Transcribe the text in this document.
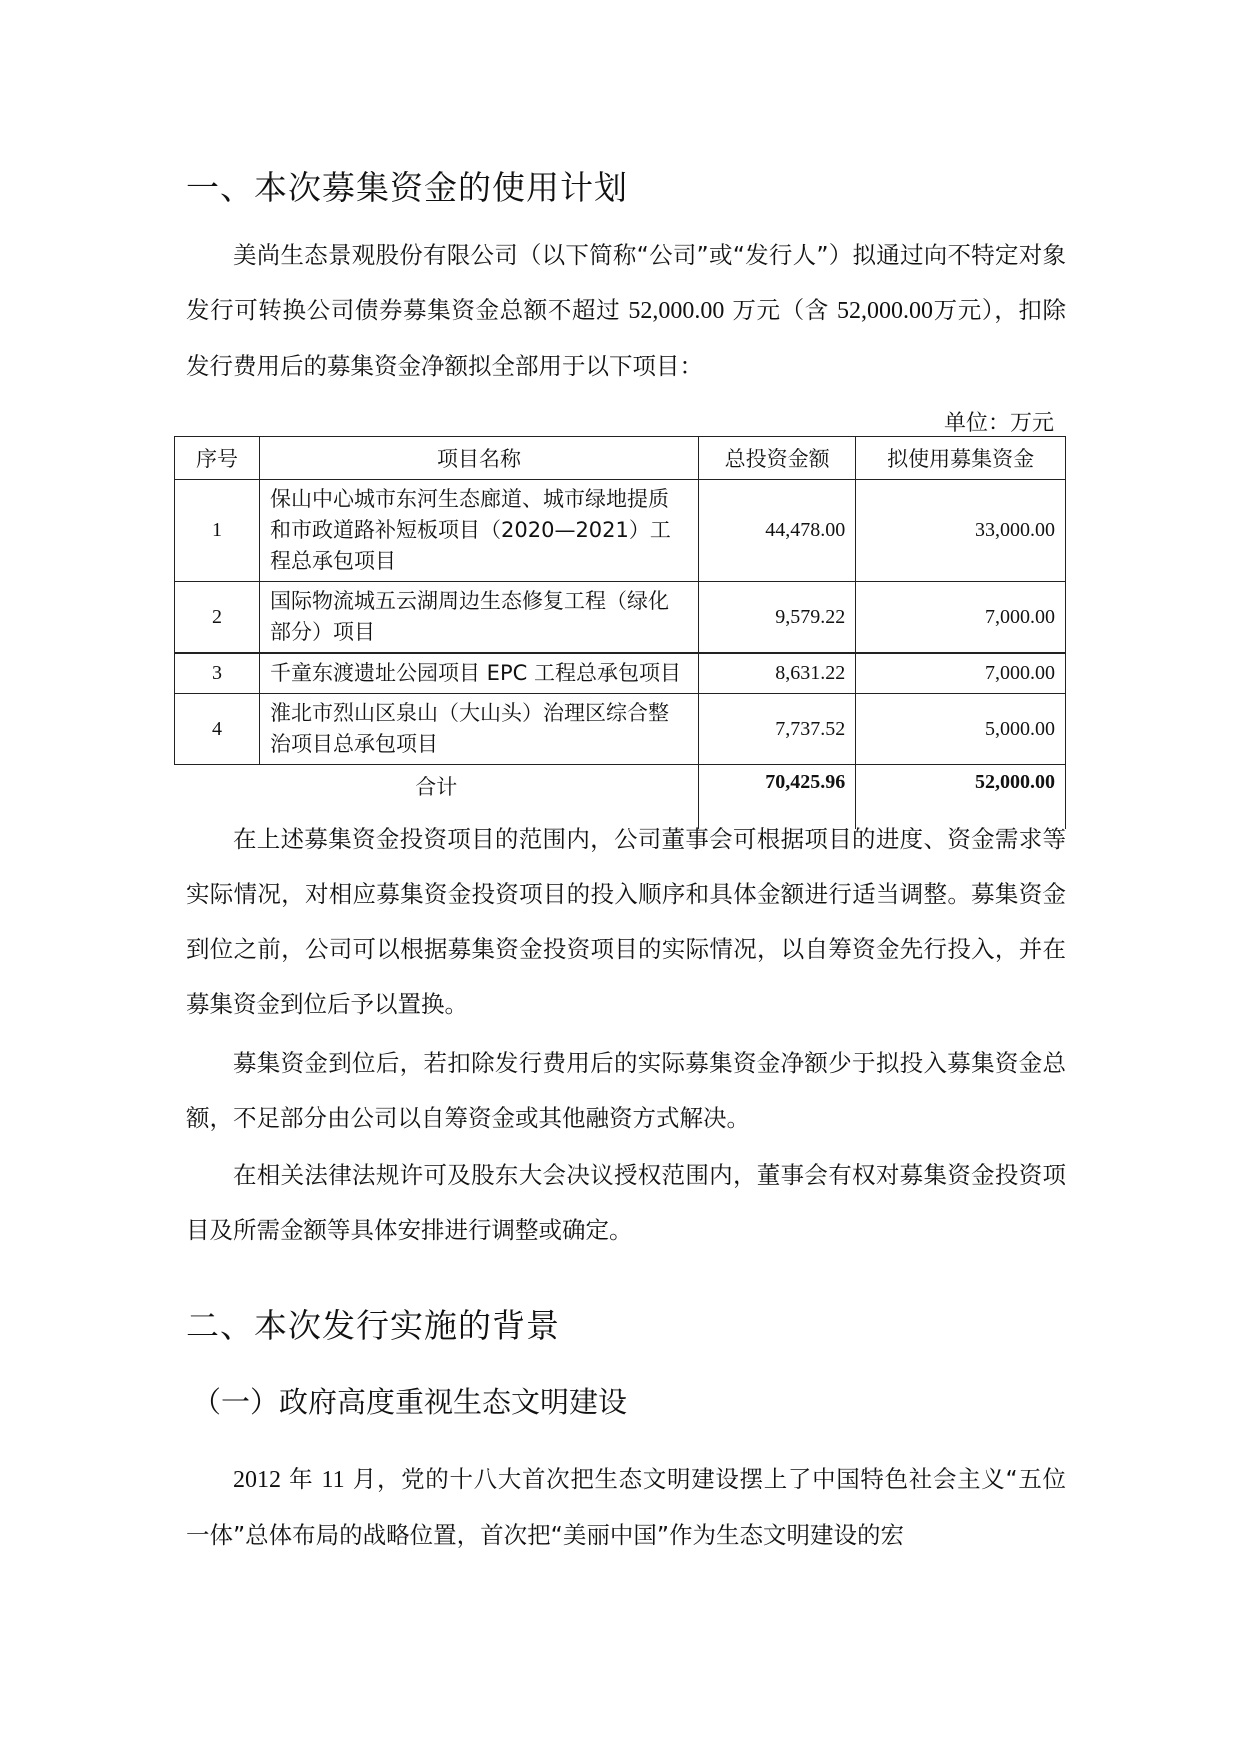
一、本次募集资金的使用计划

美尚生态景观股份有限公司（以下简称“公司”或“发行人”）拟通过向不特定对象发行可转换公司债券募集资金总额不超过 52,000.00 万元（含 52,000.00万元），扣除发行费用后的募集资金净额拟全部用于以下项目：

单位：万元

序号	项目名称	总投资金额	拟使用募集资金
1	保山中心城市东河生态廊道、城市绿地提质和市政道路补短板项目（2020—2021）工程总承包项目	44,478.00	33,000.00
2	国际物流城五云湖周边生态修复工程（绿化部分）项目	9,579.22	7,000.00
3	千童东渡遗址公园项目 EPC 工程总承包项目	8,631.22	7,000.00
4	淮北市烈山区泉山（大山头）治理区综合整治项目总承包项目	7,737.52	5,000.00
合计		70,425.96	52,000.00

在上述募集资金投资项目的范围内，公司董事会可根据项目的进度、资金需求等实际情况，对相应募集资金投资项目的投入顺序和具体金额进行适当调整。募集资金到位之前，公司可以根据募集资金投资项目的实际情况，以自筹资金先行投入，并在募集资金到位后予以置换。

募集资金到位后，若扣除发行费用后的实际募集资金净额少于拟投入募集资金总额，不足部分由公司以自筹资金或其他融资方式解决。

在相关法律法规许可及股东大会决议授权范围内，董事会有权对募集资金投资项目及所需金额等具体安排进行调整或确定。

二、本次发行实施的背景
（一）政府高度重视生态文明建设

2012 年 11 月，党的十八大首次把生态文明建设摆上了中国特色社会主义“五位一体”总体布局的战略位置，首次把“美丽中国”作为生态文明建设的宏
